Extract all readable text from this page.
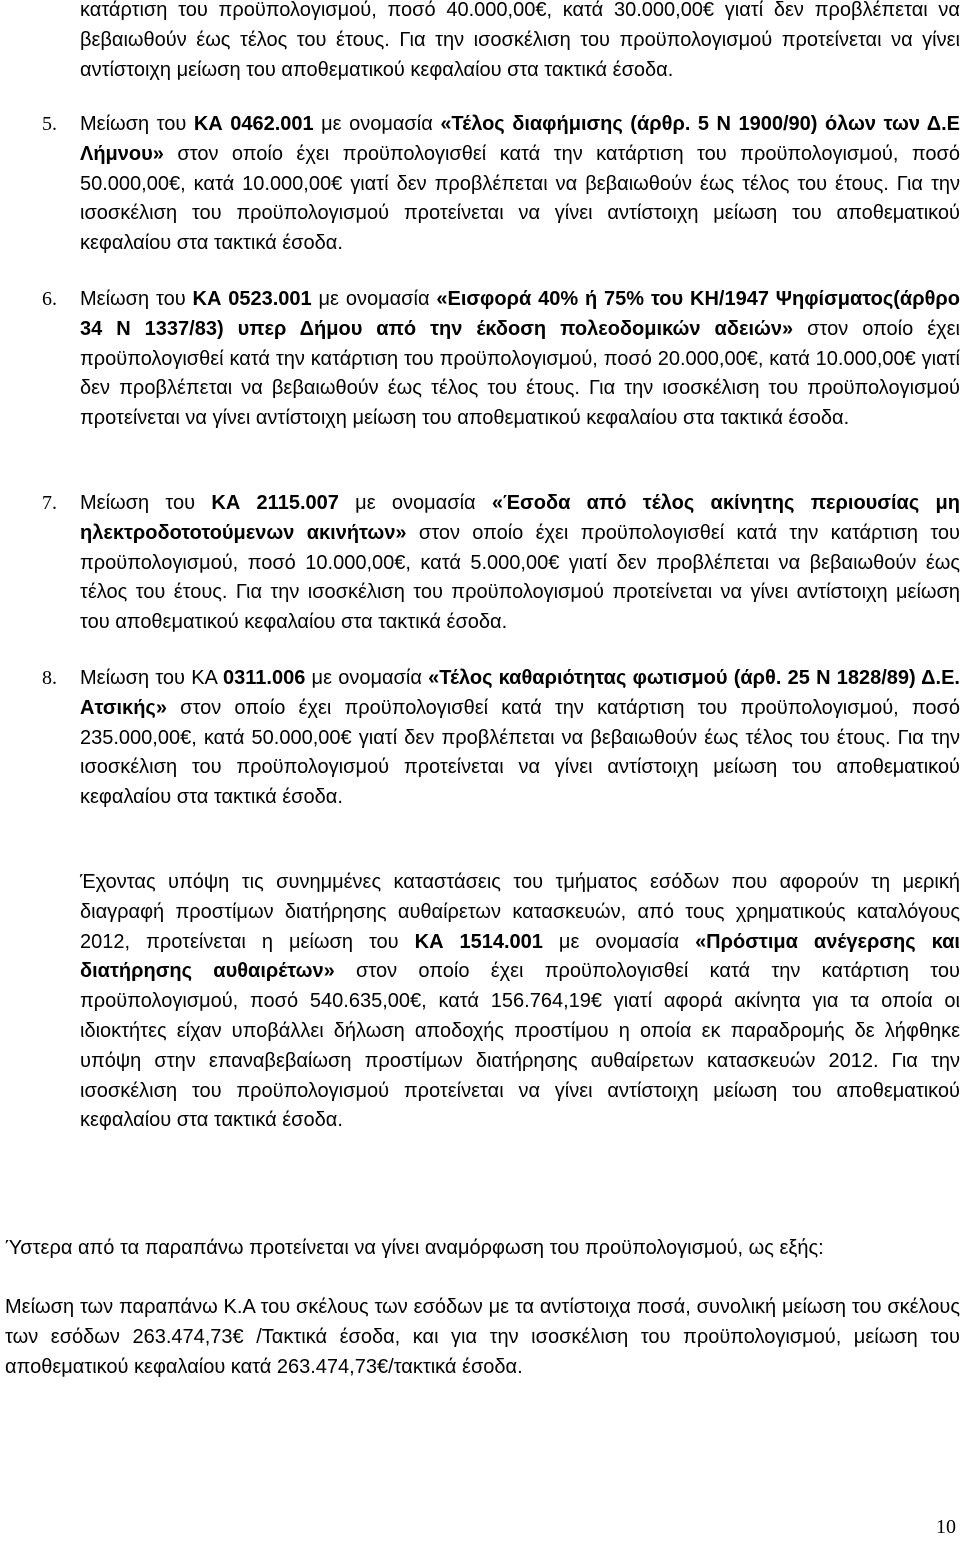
κατάρτιση του προϋπολογισμού, ποσό 40.000,00€, κατά 30.000,00€ γιατί δεν προβλέπεται να βεβαιωθούν έως τέλος του έτους. Για την ισοσκέλιση του προϋπολογισμού προτείνεται να γίνει αντίστοιχη μείωση του αποθεματικού κεφαλαίου στα τακτικά έσοδα.

5.	Μείωση του ΚΑ 0462.001 με ονομασία «Τέλος διαφήμισης (άρθρ. 5 Ν 1900/90) όλων των Δ.Ε Λήμνου» στον οποίο έχει προϋπολογισθεί κατά την κατάρτιση του προϋπολογισμού, ποσό 50.000,00€, κατά 10.000,00€ γιατί δεν προβλέπεται να βεβαιωθούν έως τέλος του έτους. Για την ισοσκέλιση του προϋπολογισμού προτείνεται να γίνει αντίστοιχη μείωση του αποθεματικού κεφαλαίου στα τακτικά έσοδα.

6.	Μείωση του ΚΑ 0523.001 με ονομασία «Εισφορά 40% ή 75% του ΚΗ/1947 Ψηφίσματος(άρθρο 34 Ν 1337/83) υπερ Δήμου από την έκδοση πολεοδομικών αδειών» στον οποίο έχει προϋπολογισθεί κατά την κατάρτιση του προϋπολογισμού, ποσό 20.000,00€, κατά 10.000,00€ γιατί δεν προβλέπεται να βεβαιωθούν έως τέλος του έτους. Για την ισοσκέλιση του προϋπολογισμού προτείνεται να γίνει αντίστοιχη μείωση του αποθεματικού κεφαλαίου στα τακτικά έσοδα.

7.	Μείωση του ΚΑ 2115.007 με ονομασία «Έσοδα από τέλος ακίνητης περιουσίας μη ηλεκτροδοτοτούμενων ακινήτων» στον οποίο έχει προϋπολογισθεί κατά την κατάρτιση του προϋπολογισμού, ποσό 10.000,00€, κατά 5.000,00€ γιατί δεν προβλέπεται να βεβαιωθούν έως τέλος του έτους. Για την ισοσκέλιση του προϋπολογισμού προτείνεται να γίνει αντίστοιχη μείωση του αποθεματικού κεφαλαίου στα τακτικά έσοδα.

8.	Μείωση του ΚΑ 0311.006 με ονομασία «Τέλος καθαριότητας φωτισμού (άρθ. 25 Ν 1828/89) Δ.Ε. Ατσικής» στον οποίο έχει προϋπολογισθεί κατά την κατάρτιση του προϋπολογισμού, ποσό 235.000,00€, κατά 50.000,00€ γιατί δεν προβλέπεται να βεβαιωθούν έως τέλος του έτους. Για την ισοσκέλιση του προϋπολογισμού προτείνεται να γίνει αντίστοιχη μείωση του αποθεματικού κεφαλαίου στα τακτικά έσοδα.

Έχοντας υπόψη τις συνημμένες καταστάσεις του τμήματος εσόδων που αφορούν τη μερική διαγραφή προστίμων διατήρησης αυθαίρετων κατασκευών, από τους χρηματικούς καταλόγους 2012, προτείνεται η μείωση του ΚΑ 1514.001 με ονομασία «Πρόστιμα ανέγερσης και διατήρησης αυθαιρέτων» στον οποίο έχει προϋπολογισθεί κατά την κατάρτιση του προϋπολογισμού, ποσό 540.635,00€, κατά 156.764,19€ γιατί αφορά ακίνητα για τα οποία οι ιδιοκτήτες είχαν υποβάλλει δήλωση αποδοχής προστίμου η οποία εκ παραδρομής δε λήφθηκε υπόψη στην επαναβεβαίωση προστίμων διατήρησης αυθαίρετων κατασκευών 2012. Για την ισοσκέλιση του προϋπολογισμού προτείνεται να γίνει αντίστοιχη μείωση του αποθεματικού κεφαλαίου στα τακτικά έσοδα.

Ύστερα από τα παραπάνω προτείνεται να γίνει αναμόρφωση του προϋπολογισμού, ως εξής:

Μείωση των παραπάνω Κ.Α του σκέλους των εσόδων με τα αντίστοιχα ποσά, συνολική μείωση του σκέλους των εσόδων 263.474,73€ /Τακτικά έσοδα, και για την ισοσκέλιση του προϋπολογισμού, μείωση του αποθεματικού κεφαλαίου κατά 263.474,73€/τακτικά έσοδα.

10
